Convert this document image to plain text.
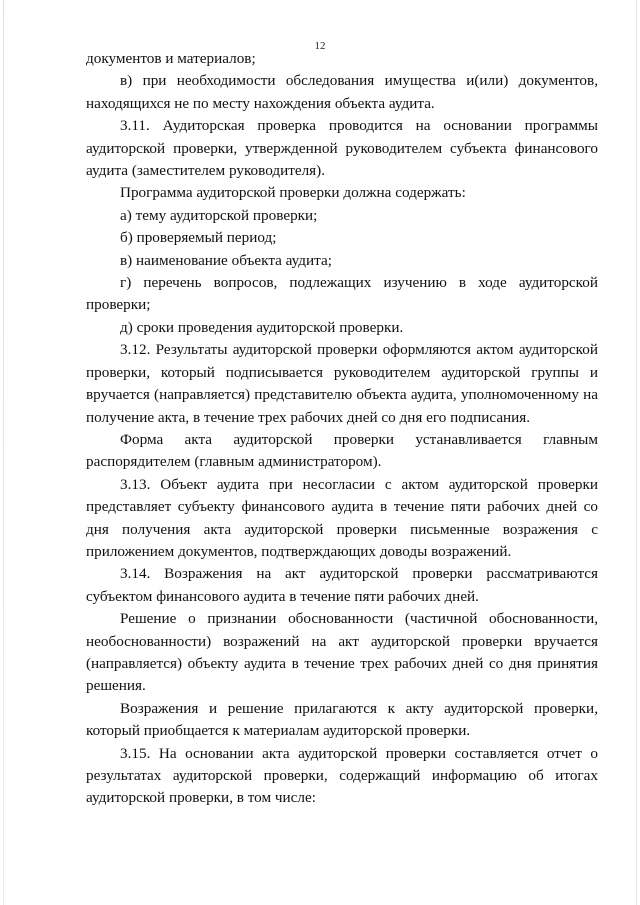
12

документов и материалов;

в) при необходимости обследования имущества и(или) документов, находящихся не по месту нахождения объекта аудита.

3.11. Аудиторская проверка проводится на основании программы аудиторской проверки, утвержденной руководителем субъекта финансового аудита (заместителем руководителя).

Программа аудиторской проверки должна содержать:

а) тему аудиторской проверки;

б) проверяемый период;

в) наименование объекта аудита;

г) перечень вопросов, подлежащих изучению в ходе аудиторской проверки;

д) сроки проведения аудиторской проверки.

3.12. Результаты аудиторской проверки оформляются актом аудиторской проверки, который подписывается руководителем аудиторской группы и вручается (направляется) представителю объекта аудита, уполномоченному на получение акта, в течение трех рабочих дней со дня его подписания.

Форма акта аудиторской проверки устанавливается главным распорядителем (главным администратором).

3.13. Объект аудита при несогласии с актом аудиторской проверки представляет субъекту финансового аудита в течение пяти рабочих дней со дня получения акта аудиторской проверки письменные возражения с приложением документов, подтверждающих доводы возражений.

3.14. Возражения на акт аудиторской проверки рассматриваются субъектом финансового аудита в течение пяти рабочих дней.

Решение о признании обоснованности (частичной обоснованности, необоснованности) возражений на акт аудиторской проверки вручается (направляется) объекту аудита в течение трех рабочих дней со дня принятия решения.

Возражения и решение прилагаются к акту аудиторской проверки, который приобщается к материалам аудиторской проверки.

3.15. На основании акта аудиторской проверки составляется отчет о результатах аудиторской проверки, содержащий информацию об итогах аудиторской проверки, в том числе:
